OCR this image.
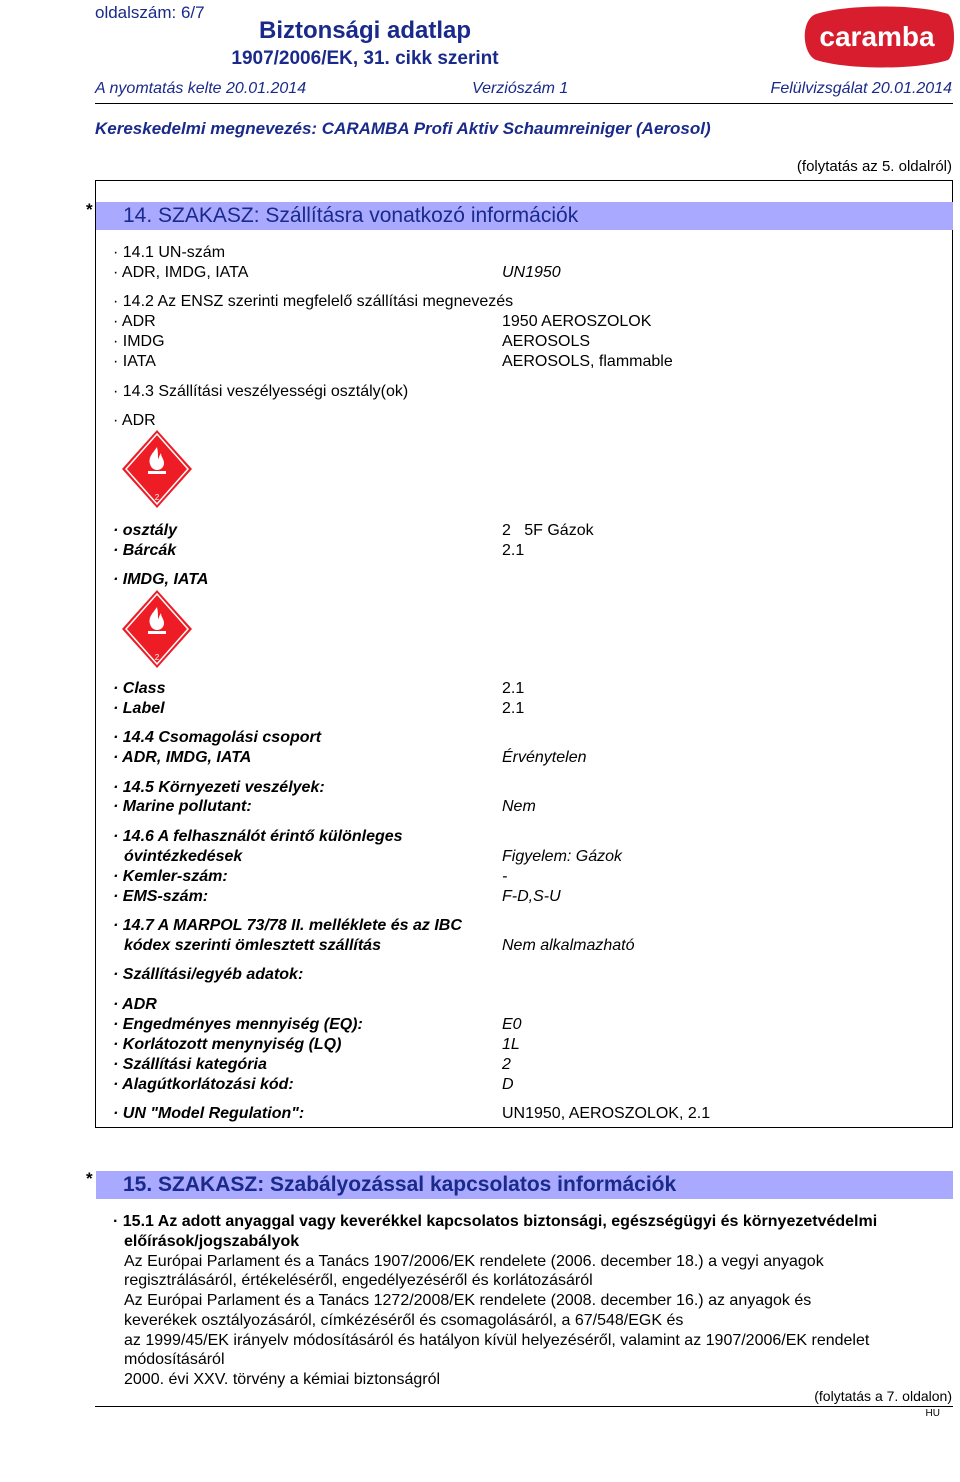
oldalszám: 6/7
Biztonsági adatlap
1907/2006/EK, 31. cikk szerint
caramba
A nyomtatás kelte 20.01.2014	Verziószám 1	Felülvizsgálat 20.01.2014
Kereskedelmi megnevezés: CARAMBA Profi Aktiv Schaumreiniger (Aerosol)
(folytatás az 5. oldalról)
* 14. SZAKASZ: Szállításra vonatkozó információk
· 14.1 UN-szám
· ADR, IMDG, IATA	UN1950
· 14.2 Az ENSZ szerinti megfelelő szállítási megnevezés
· ADR	1950 AEROSZOLOK
· IMDG	AEROSOLS
· IATA	AEROSOLS, flammable
· 14.3 Szállítási veszélyességi osztály(ok)
· ADR
2
· osztály	2   5F Gázok
· Bárcák	2.1
· IMDG, IATA
2
· Class	2.1
· Label	2.1
· 14.4 Csomagolási csoport
· ADR, IMDG, IATA	Érvénytelen
· 14.5 Környezeti veszélyek:
· Marine pollutant:	Nem
· 14.6 A felhasználót érintő különleges
óvintézkedések	Figyelem: Gázok
· Kemler-szám:	-
· EMS-szám:	F-D,S-U
· 14.7 A MARPOL 73/78 II. melléklete és az IBC
kódex szerinti ömlesztett szállítás	Nem alkalmazható
· Szállítási/egyéb adatok:
· ADR
· Engedményes mennyiség (EQ):	E0
· Korlátozott menynyiség (LQ)	1L
· Szállítási kategória	2
· Alagútkorlátozási kód:	D
· UN "Model Regulation":	UN1950, AEROSZOLOK, 2.1
* 15. SZAKASZ: Szabályozással kapcsolatos információk
· 15.1 Az adott anyaggal vagy keverékkel kapcsolatos biztonsági, egészségügyi és környezetvédelmi
előírások/jogszabályok
Az Európai Parlament és a Tanács 1907/2006/EK rendelete (2006. december 18.) a vegyi anyagok
regisztrálásáról, értékeléséről, engedélyezéséről és korlátozásáról
Az Európai Parlament és a Tanács 1272/2008/EK rendelete (2008. december 16.) az anyagok és
keverékek osztályozásáról, címkézéséről és csomagolásáról, a 67/548/EGK és
az 1999/45/EK irányelv módosításáról és hatályon kívül helyezéséről, valamint az 1907/2006/EK rendelet
módosításáról
2000. évi XXV. törvény a kémiai biztonságról
(folytatás a 7. oldalon)
HU
